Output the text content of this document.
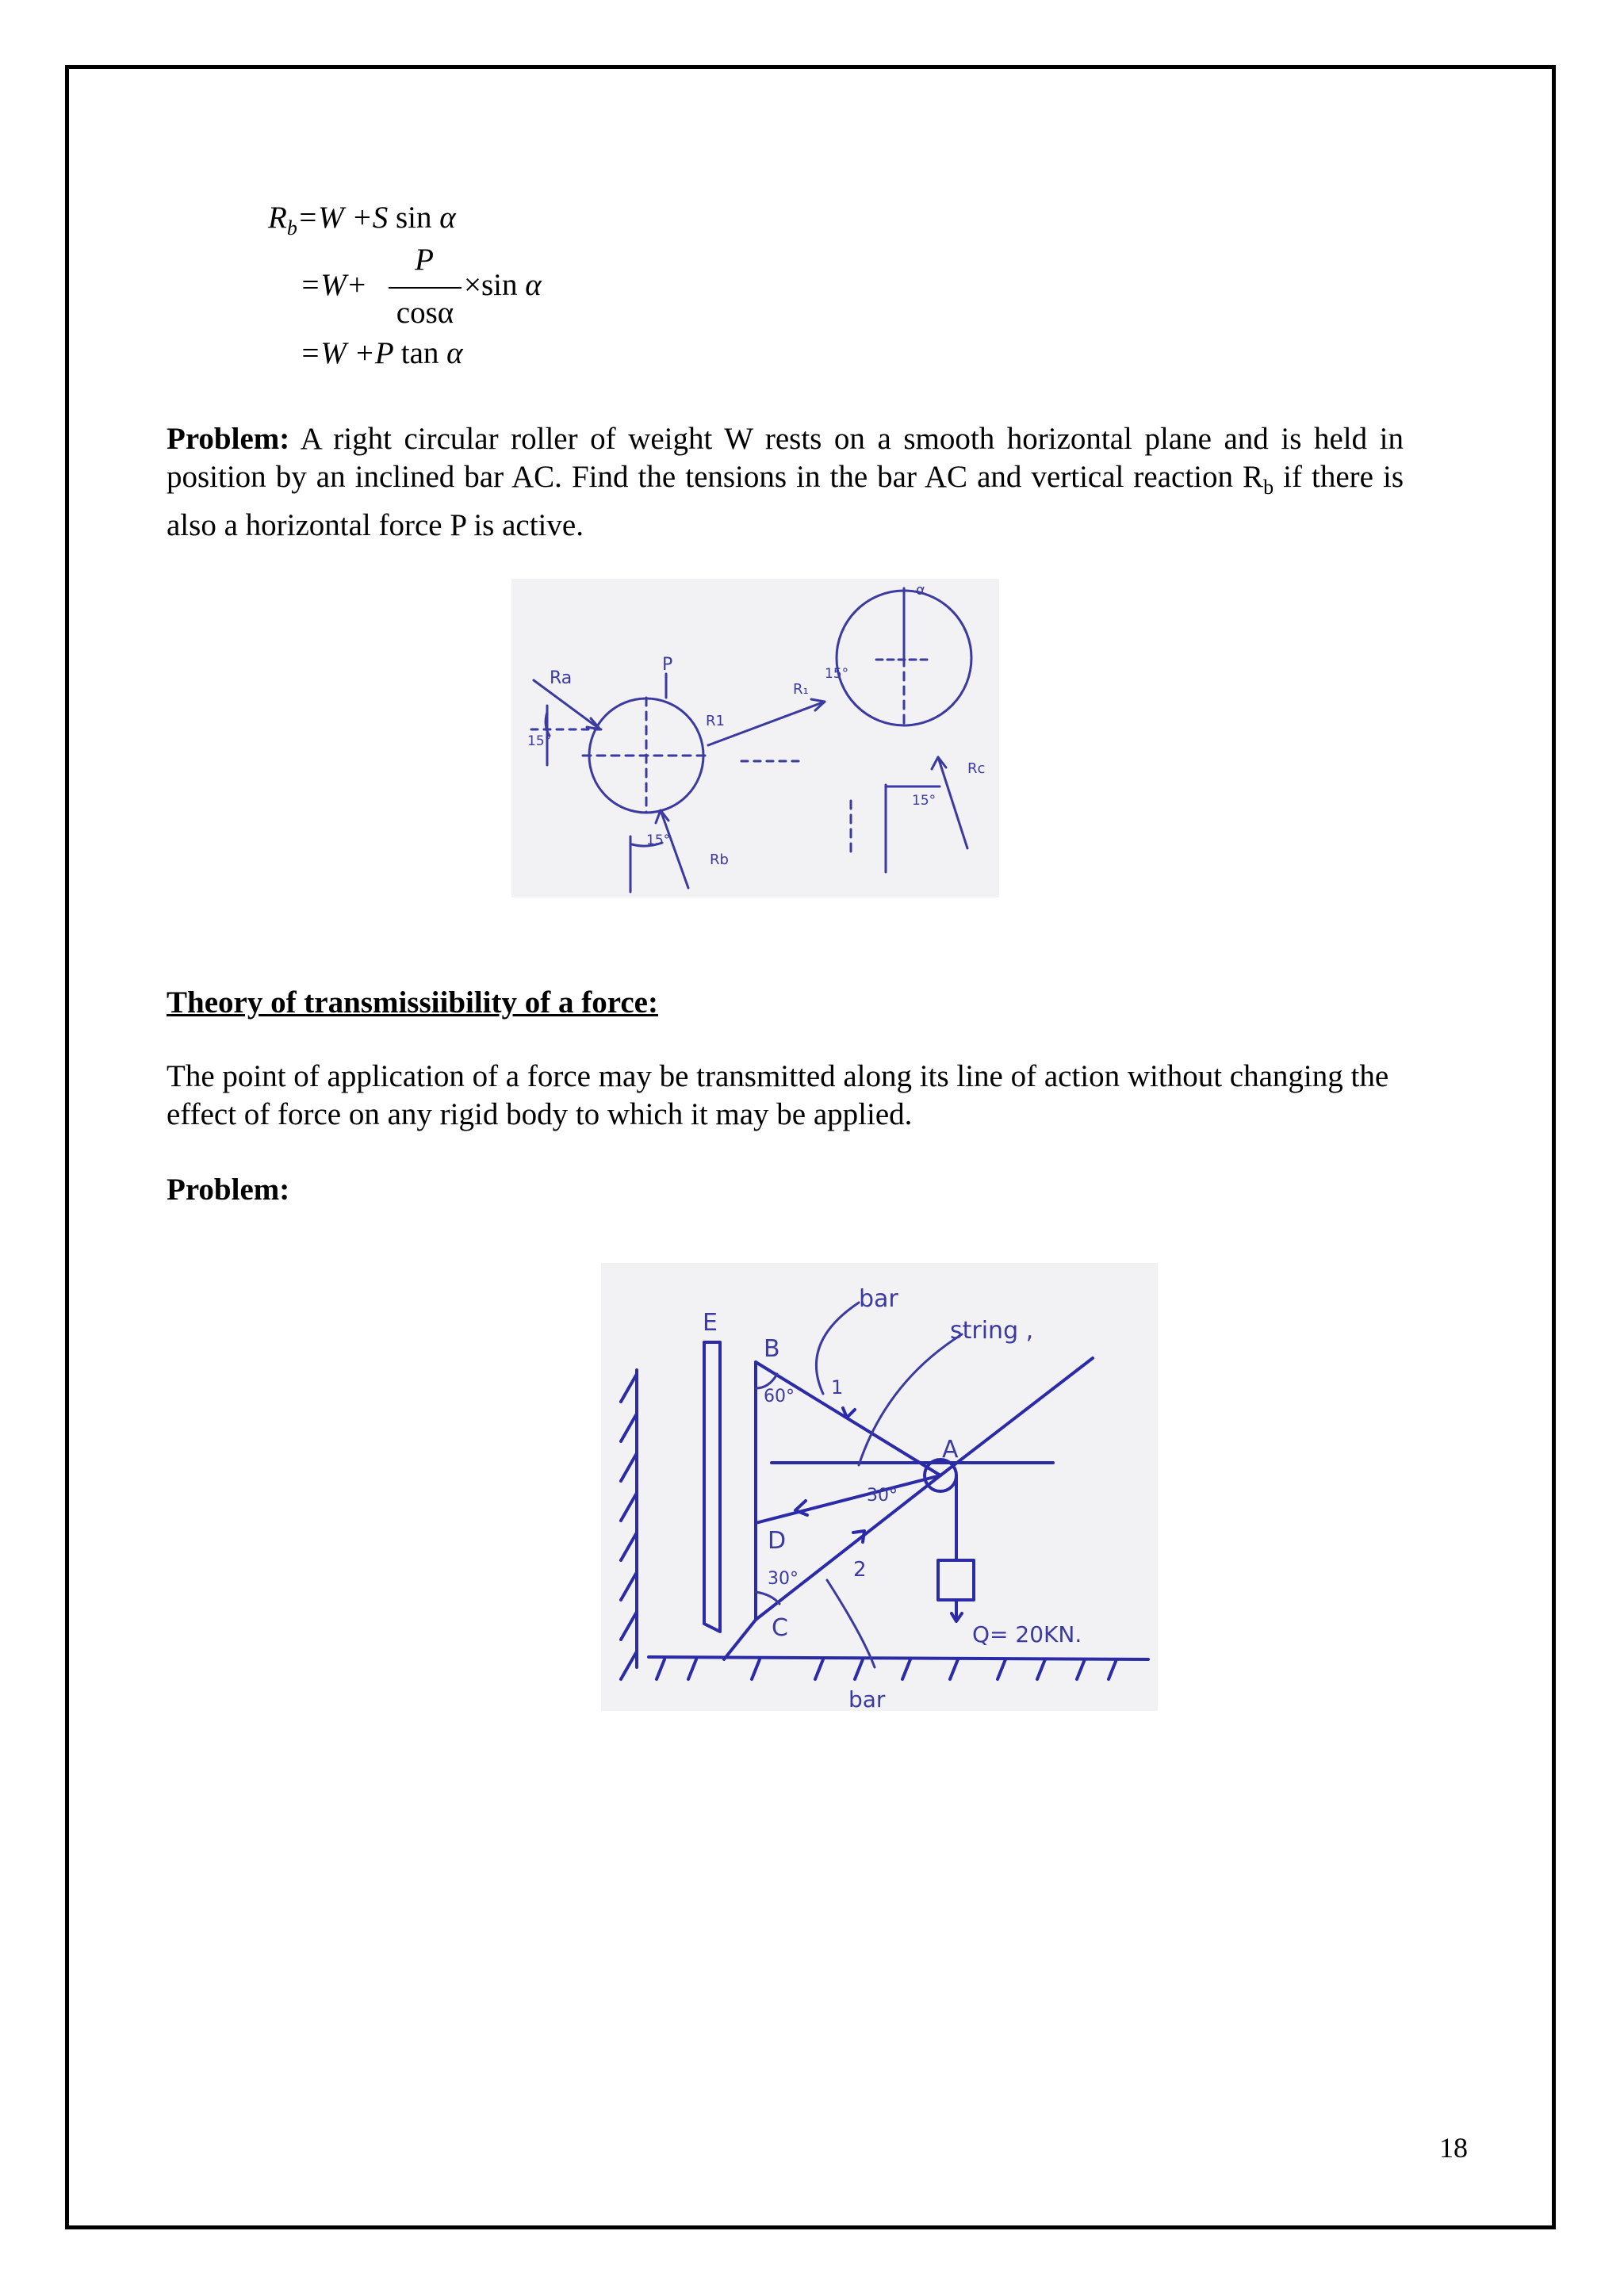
$R_b=W +S$ sin α
=W+
P
cosα
×sin α
=W +P tan α
Problem: A right circular roller of weight W rests on a smooth horizontal plane and is held in position by an inclined bar AC. Find the tensions in the bar AC and vertical reaction $R_b$ if there is also a horizontal force P is active.
Ra
P
R1
R₁
α
Rc
Rb
15°
15°
15°
15°
Theory of transmissiibility of a force:
The point of application of a force may be transmitted along its line of action without changing the effect of force on any rigid body to which it may be applied.
Problem:
E
B
bar
string ,
60° 1
A
30°
D
30°	2
C	Q= 20KN.
bar
18
